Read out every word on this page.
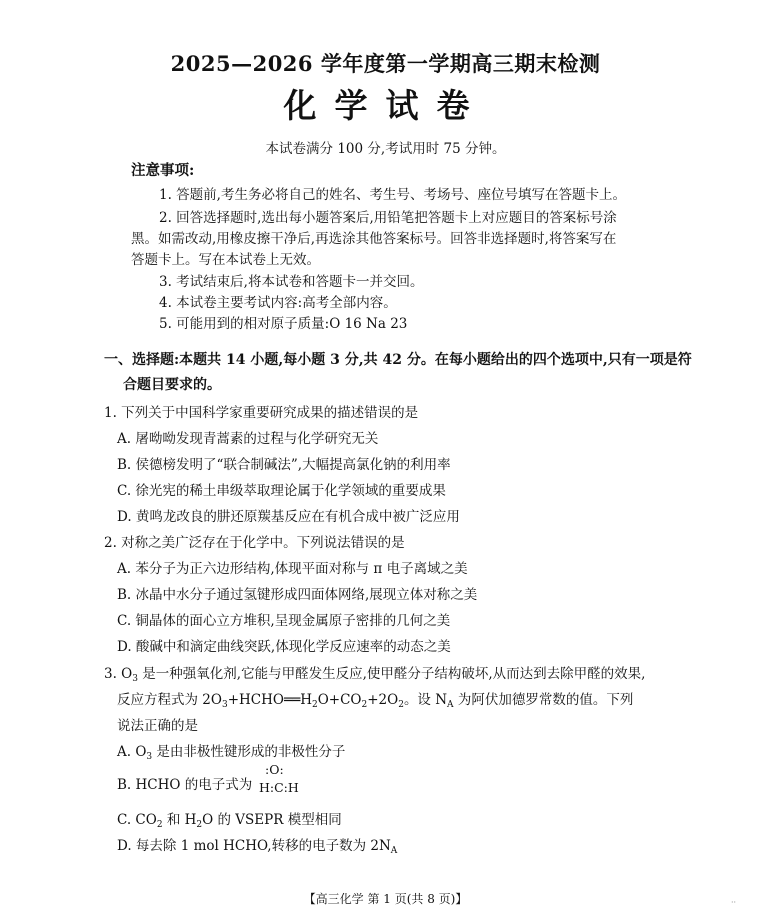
2025—2026 学年度第一学期高三期末检测
化学试卷
本试卷满分 100 分,考试用时 75 分钟。
注意事项:
1. 答题前,考生务必将自己的姓名、考生号、考场号、座位号填写在答题卡上。
2. 回答选择题时,选出每小题答案后,用铅笔把答题卡上对应题目的答案标号涂
黑。如需改动,用橡皮擦干净后,再选涂其他答案标号。回答非选择题时,将答案写在
答题卡上。写在本试卷上无效。
3. 考试结束后,将本试卷和答题卡一并交回。
4. 本试卷主要考试内容:高考全部内容。
5. 可能用到的相对原子质量:O 16 Na 23
一、选择题:本题共 14 小题,每小题 3 分,共 42 分。在每小题给出的四个选项中,只有一项是符
合题目要求的。
1. 下列关于中国科学家重要研究成果的描述错误的是
A. 屠呦呦发现青蒿素的过程与化学研究无关
B. 侯德榜发明了“联合制碱法”,大幅提高氯化钠的利用率
C. 徐光宪的稀土串级萃取理论属于化学领域的重要成果
D. 黄鸣龙改良的肼还原羰基反应在有机合成中被广泛应用
2. 对称之美广泛存在于化学中。下列说法错误的是
A. 苯分子为正六边形结构,体现平面对称与 π 电子离域之美
B. 冰晶中水分子通过氢键形成四面体网络,展现立体对称之美
C. 铜晶体的面心立方堆积,呈现金属原子密排的几何之美
D. 酸碱中和滴定曲线突跃,体现化学反应速率的动态之美
3. $O_3$ 是一种强氧化剂,它能与甲醛发生反应,使甲醛分子结构破坏,从而达到去除甲醛的效果,
反应方程式为 $2O_3+HCHO══H_2O+CO_2+2O_2$。设 $N_A$ 为阿伏加德罗常数的值。下列
说法正确的是
A. $O_3$ 是由非极性键形成的非极性分子
B. HCHO 的电子式为
:O:
H:C:H
C. $CO_2$ 和 $H_2O$ 的 VSEPR 模型相同
D. 每去除 1 mol HCHO,转移的电子数为 $2N_A$
【高三化学 第 1 页(共 8 页)】	··
